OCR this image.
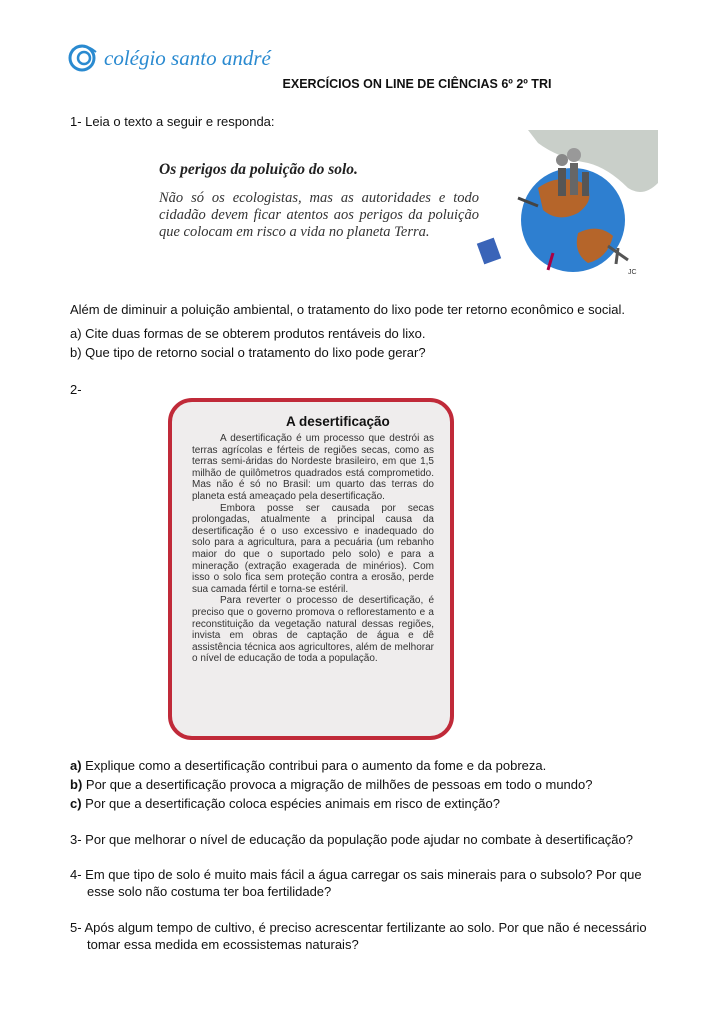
colégio santo andré
EXERCÍCIOS ON LINE DE CIÊNCIAS 6º 2º TRI
1- Leia o texto a seguir e responda:
Os perigos da poluição do solo.
Não só os ecologistas, mas as autoridades e todo cidadão devem ficar atentos aos perigos da poluição que colocam em risco a vida no planeta Terra.
JC
Além de diminuir a poluição ambiental, o tratamento do lixo pode ter retorno econômico e social.
a) Cite duas formas de se obterem produtos rentáveis do lixo.
b) Que tipo de retorno social o tratamento do lixo pode gerar?
2-
A desertificação

A desertificação é um processo que destrói as terras agrícolas e férteis de regiões secas, como as terras semi-áridas do Nordeste brasileiro, em que 1,5 milhão de quilômetros quadrados está comprometido. Mas não é só no Brasil: um quarto das terras do planeta está ameaçado pela desertificação.

Embora posse ser causada por secas prolongadas, atualmente a principal causa da desertificação é o uso excessivo e inadequado do solo para a agricultura, para a pecuária (um rebanho maior do que o suportado pelo solo) e para a mineração (extração exagerada de minérios). Com isso o solo fica sem proteção contra a erosão, perde sua camada fértil e torna-se estéril.

Para reverter o processo de desertificação, é preciso que o governo promova o reflorestamento e a reconstituição da vegetação natural dessas regiões, invista em obras de captação de água e dê assistência técnica aos agricultores, além de melhorar o nível de educação de toda a população.

a) Explique como a desertificação contribui para o aumento da fome e da pobreza.
b) Por que a desertificação provoca a migração de milhões de pessoas em todo o mundo?
c) Por que a desertificação coloca espécies animais em risco de extinção?
3- Por que melhorar o nível de educação da população pode ajudar no combate à desertificação?
4- Em que tipo de solo é muito mais fácil a água carregar os sais minerais para o subsolo? Por que
esse solo não costuma ter boa fertilidade?
5- Após algum tempo de cultivo, é preciso acrescentar fertilizante ao solo. Por que não é necessário
tomar essa medida em ecossistemas naturais?
